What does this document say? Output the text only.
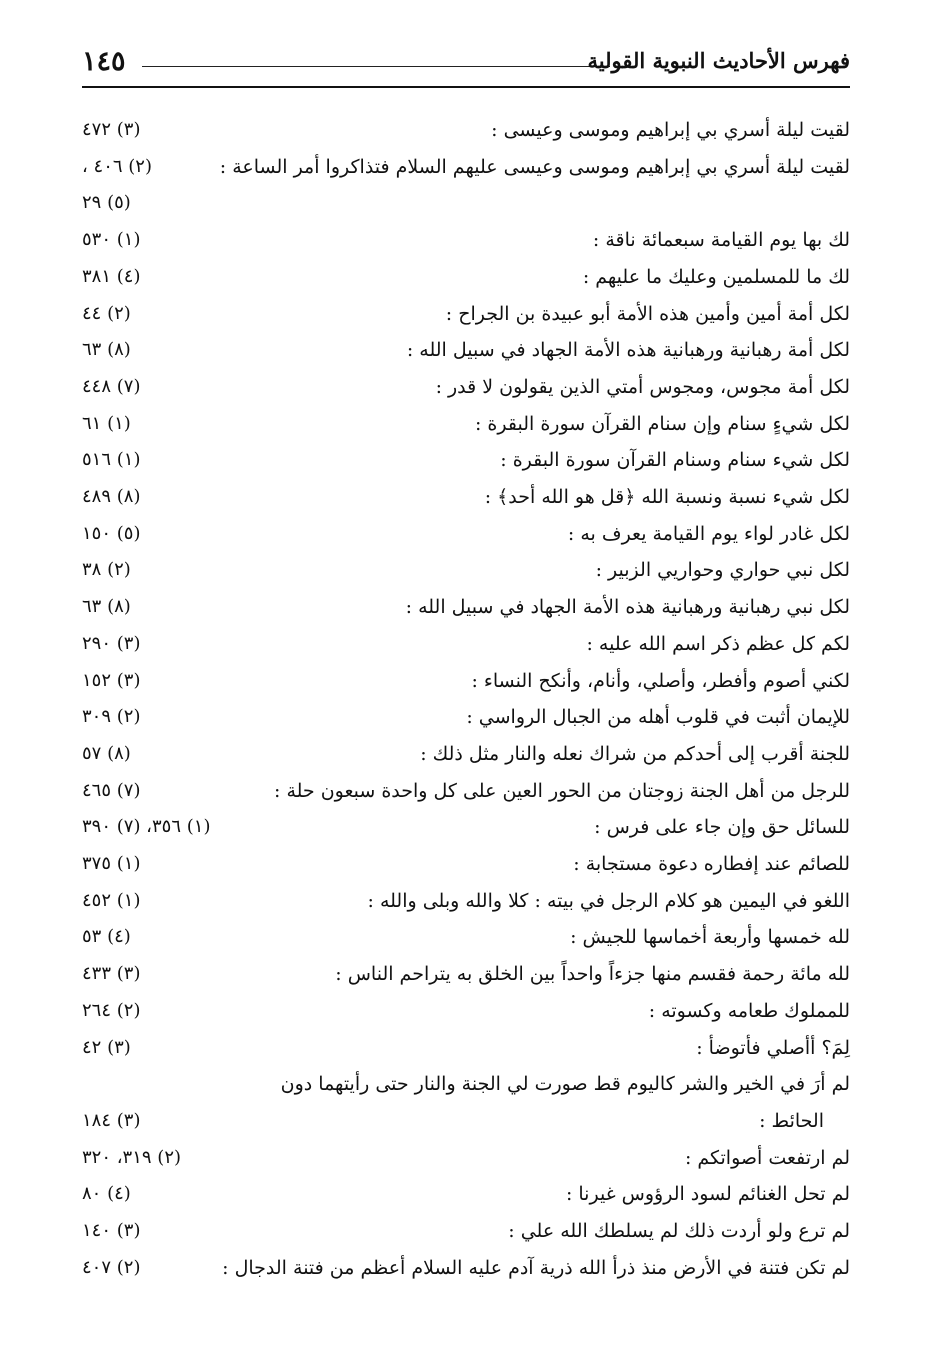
١٤٥	فهرس الأحاديث النبوية القولية
لقيت ليلة أسري بي إبراهيم وموسى وعيسى :
(٣) ٤٧٢
لقيت ليلة أسري بي إبراهيم وموسى وعيسى عليهم السلام فتذاكروا أمر الساعة :
(٢) ٤٠٦ ،

(٥) ٢٩
لك بها يوم القيامة سبعمائة ناقة :
(١) ٥٣٠
لك ما للمسلمين وعليك ما عليهم :
(٤) ٣٨١
لكل أمة أمين وأمين هذه الأمة أبو عبيدة بن الجراح :
(٢) ٤٤
لكل أمة رهبانية ورهبانية هذه الأمة الجهاد في سبيل الله :
(٨) ٦٣
لكل أمة مجوس، ومجوس أمتي الذين يقولون لا قدر :
(٧) ٤٤٨
لكل شيءٍ سنام وإن سنام القرآن سورة البقرة :
(١) ٦١
لكل شيء سنام وسنام القرآن سورة البقرة :
(١) ٥١٦
لكل شيء نسبة ونسبة الله ﴿قل هو الله أحد﴾ :
(٨) ٤٨٩
لكل غادر لواء يوم القيامة يعرف به :
(٥) ١٥٠
لكل نبي حواري وحواريي الزبير :
(٢) ٣٨
لكل نبي رهبانية ورهبانية هذه الأمة الجهاد في سبيل الله :
(٨) ٦٣
لكم كل عظم ذكر اسم الله عليه :
(٣) ٢٩٠
لكني أصوم وأفطر، وأصلي، وأنام، وأنكح النساء :
(٣) ١٥٢
للإيمان أثبت في قلوب أهله من الجبال الرواسي :
(٢) ٣٠٩
للجنة أقرب إلى أحدكم من شراك نعله والنار مثل ذلك :
(٨) ٥٧
للرجل من أهل الجنة زوجتان من الحور العين على كل واحدة سبعون حلة :
(٧) ٤٦٥
للسائل حق وإن جاء على فرس :
(١) ٣٥٦، (٧) ٣٩٠
للصائم عند إفطاره دعوة مستجابة :
(١) ٣٧٥
اللغو في اليمين هو كلام الرجل في بيته : كلا والله وبلى والله :
(١) ٤٥٢
لله خمسها وأربعة أخماسها للجيش :
(٤) ٥٣
لله مائة رحمة فقسم منها جزءاً واحداً بين الخلق به يتراحم الناس :
(٣) ٤٣٣
للمملوك طعامه وكسوته :
(٢) ٢٦٤
لِمَ؟ أأصلي فأتوضأ :
(٣) ٤٢
لم أرَ في الخير والشر كاليوم قط صورت لي الجنة والنار حتى رأيتهما دون
الحائط :
(٣) ١٨٤
لم ارتفعت أصواتكم :
(٢) ٣١٩، ٣٢٠
لم تحل الغنائم لسود الرؤوس غيرنا :
(٤) ٨٠
لم ترع ولو أردت ذلك لم يسلطك الله علي :
(٣) ١٤٠
لم تكن فتنة في الأرض منذ ذرأ الله ذرية آدم عليه السلام أعظم من فتنة الدجال :
(٢) ٤٠٧
